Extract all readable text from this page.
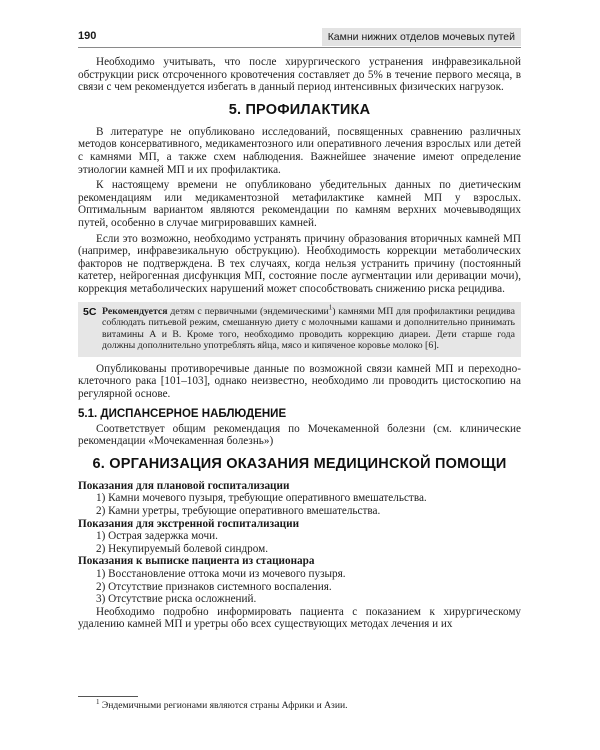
190	Камни нижних отделов мочевых путей

Необходимо учитывать, что после хирургического устранения инфравезикальной обструкции риск отсроченного кровотечения составляет до 5% в течение первого месяца, в связи с чем рекомендуется избегать в данный период интенсивных физических нагрузок.

5. ПРОФИЛАКТИКА

В литературе не опубликовано исследований, посвященных сравнению различных методов консервативного, медикаментозного или оперативного лечения взрослых или детей с камнями МП, а также схем наблюдения. Важнейшее значение имеют определение этиологии камней МП и их профилактика.

К настоящему времени не опубликовано убедительных данных по диетическим рекомендациям или медикаментозной метафилактике камней МП у взрослых. Оптимальным вариантом являются рекомендации по камням верхних мочевыводящих путей, особенно в случае мигрировавших камней.

Если это возможно, необходимо устранять причину образования вторичных камней МП (например, инфравезикальную обструкцию). Необходимость коррекции метаболических факторов не подтверждена. В тех случаях, когда нельзя устранить причину (постоянный катетер, нейрогенная дисфункция МП, состояние после аугментации или деривации мочи), коррекция метаболических нарушений может способствовать снижению риска рецидива.

5C Рекомендуется детям с первичными (эндемическими$^1$) камнями МП для профилактики рецидива соблюдать питьевой режим, смешанную диету с молочными кашами и дополнительно принимать витамины А и В. Кроме того, необходимо проводить коррекцию диареи. Дети старше года должны дополнительно употреблять яйца, мясо и кипяченое коровье молоко [6].

Опубликованы противоречивые данные по возможной связи камней МП и переходно-клеточного рака [101–103], однако неизвестно, необходимо ли проводить цистоскопию на регулярной основе.

5.1. ДИСПАНСЕРНОЕ НАБЛЮДЕНИЕ

Соответствует общим рекомендация по Мочекаменной болезни (см. клинические рекомендации «Мочекаменная болезнь»)

6. ОРГАНИЗАЦИЯ ОКАЗАНИЯ МЕДИЦИНСКОЙ ПОМОЩИ

Показания для плановой госпитализации

1) Камни мочевого пузыря, требующие оперативного вмешательства.

2) Камни уретры, требующие оперативного вмешательства.

Показания для экстренной госпитализации

1) Острая задержка мочи.

2) Некупируемый болевой синдром.

Показания к выписке пациента из стационара

1) Восстановление оттока мочи из мочевого пузыря.

2) Отсутствие признаков системного воспаления.

3) Отсутствие риска осложнений.

Необходимо подробно информировать пациента с показанием к хирургическому удалению камней МП и уретры обо всех существующих методах лечения и их

$^1$ Эндемичными регионами являются страны Африки и Азии.
